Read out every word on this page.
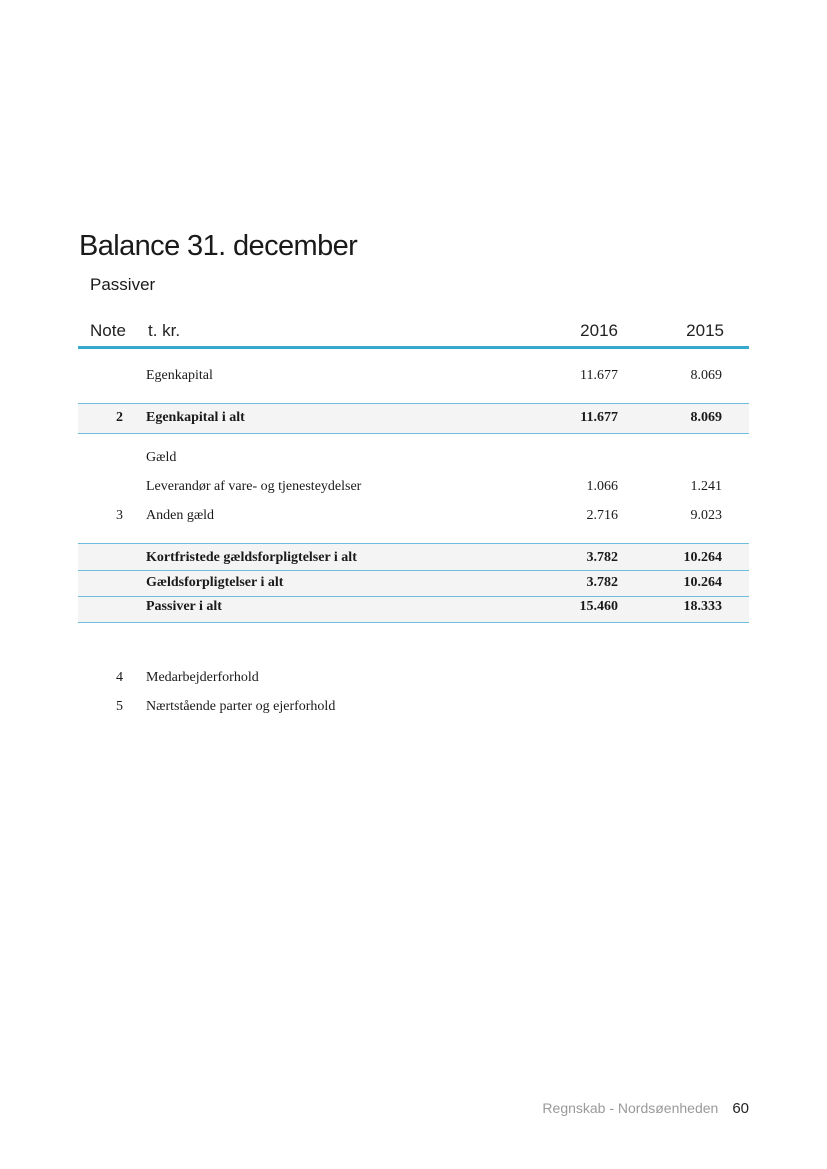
Balance 31. december
Passiver
Note t. kr.	2016	2015
Egenkapital	11.677	8.069
2 Egenkapital i alt	11.677	8.069
Gæld
Leverandør af vare- og tjenesteydelser	1.066	1.241
3 Anden gæld	2.716	9.023
Kortfristede gældsforpligtelser i alt	3.782	10.264
Gældsforpligtelser i alt	3.782	10.264
Passiver i alt	15.460	18.333
4 Medarbejderforhold
5 Nærtstående parter og ejerforhold
Regnskab - Nordsøenheden 60
